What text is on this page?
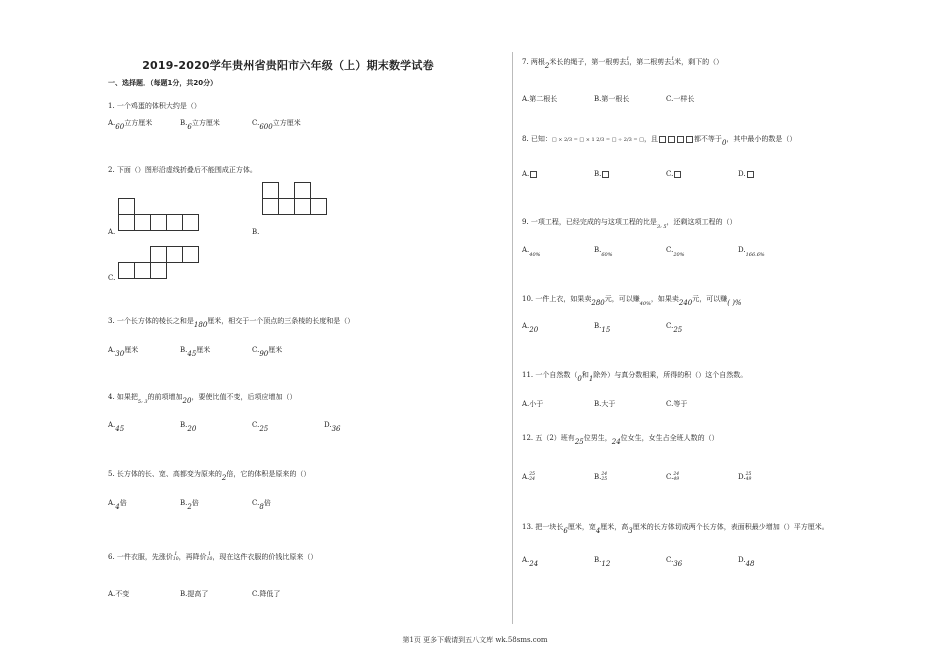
2019-2020学年贵州省贵阳市六年级（上）期末数学试卷
一、选择题．（每题1分，共20分）
1. 一个鸡蛋的体积大约是（）
A.60立方厘米	B.6立方厘米	C.600立方厘米
2. 下面（）图形沿虚线折叠后不能围成正方体。
A.	B.
C.
3. 一个长方体的棱长之和是180厘米，相交于一个顶点的三条棱的长度和是（）
A.30厘米	B.45厘米	C.90厘米
4. 如果把$_{5: 3}$的前项增加20，要使比值不变，后项应增加（）
A.45	B.20	C.25	D.36
5. 长方体的长、宽、高都变为原来的2倍，它的体积是原来的（）
A.4倍	B.2倍	C.8倍
6. 一件衣服，先涨价1
10，再降价1
10，现在这件衣服的价钱比原来（）
A.不变	B.提高了	C.降低了
7. 两根2米长的绳子，第一根剪去1
3，第二根剪去1
3米，剩下的（）
A.第二根长	B.第一根长	C.一样长
8. 已知：□ × 2/3 = □ × 1 2/3 = □ ÷ 2/3 = □，且	都不等于0，其中最小的数是（）
A.	B.	C.	D.
9. 一项工程，已经完成的与这项工程的比是$_{3: 5}$，还剩这项工程的（）
$A._{40\%}$
$B._{60\%}$
$C._{20\%}$
$D._{166.6\%}$
10. 一件上衣，如果卖280元，可以赚$_{40\%}$，如果卖240元，可以赚( )%
A.20	B.15	C.25
11. 一个自然数（0和1除外）与真分数相乘，所得的积（）这个自然数。
A.小于	B.大于	C.等于
12. 五（2）班有25位男生，24位女生，女生占全班人数的（）
A.25
24	B.24
25	C.24
49	D.25
49
13. 把一块长6厘米，宽4厘米，高3厘米的长方体切成两个长方体，表面积最少增加（）平方厘米。
A.24	B.12	C.36	D.48
第1页 更多下载请到五八文库 wk.58sms.com
